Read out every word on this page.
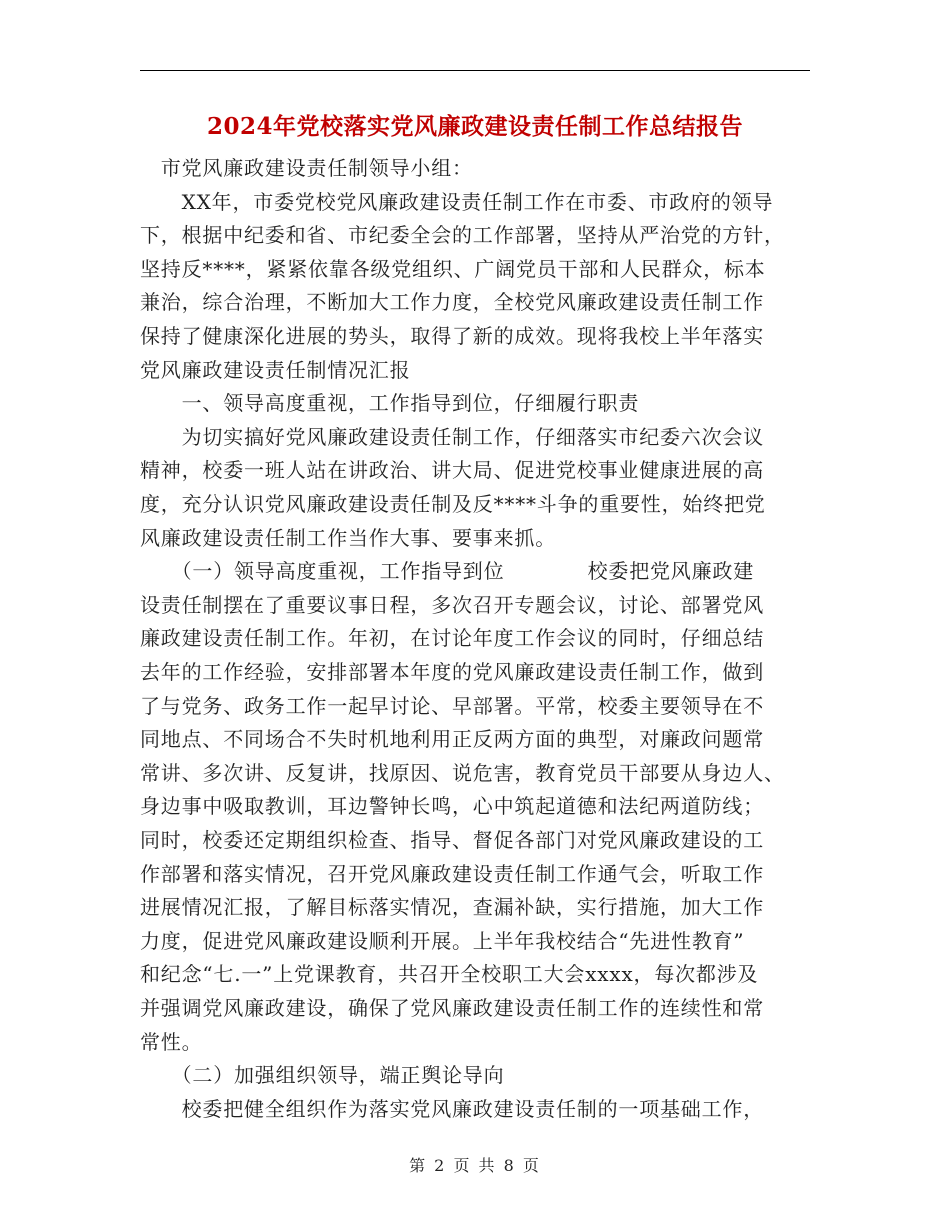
2024年党校落实党风廉政建设责任制工作总结报告
　市党风廉政建设责任制领导小组：
　　XX年，市委党校党风廉政建设责任制工作在市委、市政府的领导
下，根据中纪委和省、市纪委全会的工作部署，坚持从严治党的方针，
坚持反****，紧紧依靠各级党组织、广阔党员干部和人民群众，标本
兼治，综合治理，不断加大工作力度，全校党风廉政建设责任制工作
保持了健康深化进展的势头，取得了新的成效。现将我校上半年落实
党风廉政建设责任制情况汇报
　　一、领导高度重视，工作指导到位，仔细履行职责
　　为切实搞好党风廉政建设责任制工作，仔细落实市纪委六次会议
精神，校委一班人站在讲政治、讲大局、促进党校事业健康进展的高
度，充分认识党风廉政建设责任制及反****斗争的重要性，始终把党
风廉政建设责任制工作当作大事、要事来抓。
　　（一）领导高度重视，工作指导到位　　　　校委把党风廉政建
设责任制摆在了重要议事日程，多次召开专题会议，讨论、部署党风
廉政建设责任制工作。年初，在讨论年度工作会议的同时，仔细总结
去年的工作经验，安排部署本年度的党风廉政建设责任制工作，做到
了与党务、政务工作一起早讨论、早部署。平常，校委主要领导在不
同地点、不同场合不失时机地利用正反两方面的典型，对廉政问题常
常讲、多次讲、反复讲，找原因、说危害，教育党员干部要从身边人、
身边事中吸取教训，耳边警钟长鸣，心中筑起道德和法纪两道防线；
同时，校委还定期组织检查、指导、督促各部门对党风廉政建设的工
作部署和落实情况，召开党风廉政建设责任制工作通气会，听取工作
进展情况汇报，了解目标落实情况，查漏补缺，实行措施，加大工作
力度，促进党风廉政建设顺利开展。上半年我校结合“先进性教育”
和纪念“七.一”上党课教育，共召开全校职工大会xxxx，每次都涉及
并强调党风廉政建设，确保了党风廉政建设责任制工作的连续性和常
常性。
　　（二）加强组织领导，端正舆论导向
　　校委把健全组织作为落实党风廉政建设责任制的一项基础工作，
第 2 页 共 8 页
